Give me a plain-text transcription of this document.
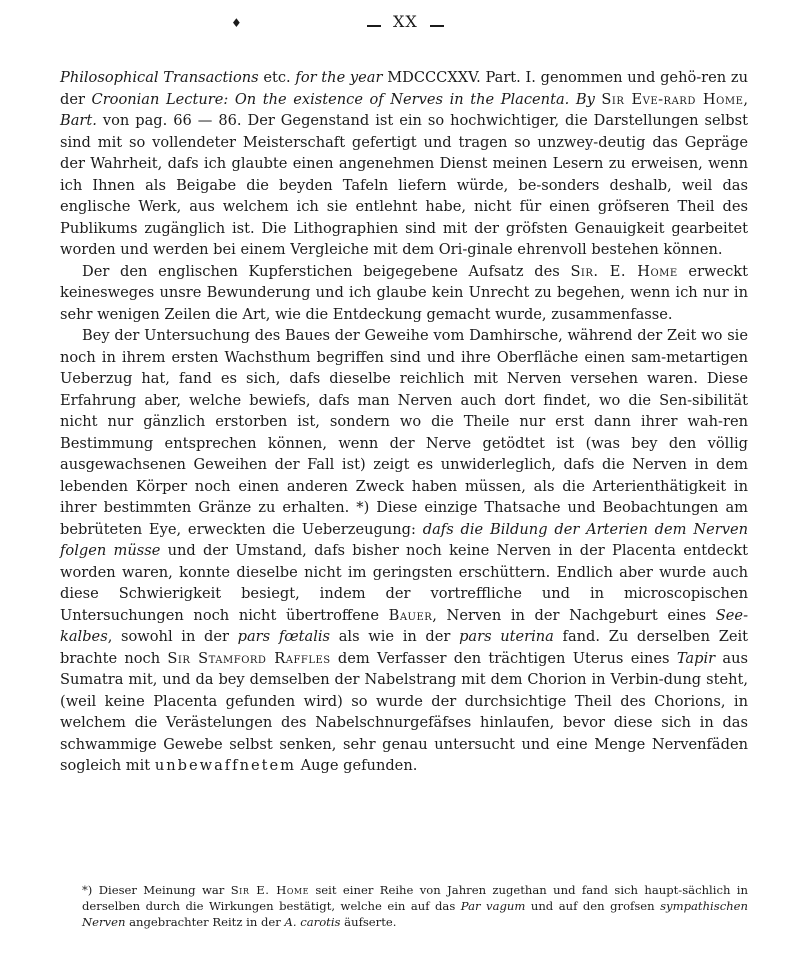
♦	XX

Philosophical Transactions etc. for the year MDCCCXXV. Part. I. genommen und gehö-ren zu der Croonian Lecture: On the existence of Nerves in the Placenta. By Sir Eve-rard Home, Bart. von pag. 66 — 86. Der Gegenstand ist ein so hochwichtiger, die Darstellungen selbst sind mit so vollendeter Meisterschaft gefertigt und tragen so unzwey-deutig das Gepräge der Wahrheit, dafs ich glaubte einen angenehmen Dienst meinen Lesern zu erweisen, wenn ich Ihnen als Beigabe die beyden Tafeln liefern würde, be-sonders deshalb, weil das englische Werk, aus welchem ich sie entlehnt habe, nicht für einen gröfseren Theil des Publikums zugänglich ist. Die Lithographien sind mit der gröfsten Genauigkeit gearbeitet worden und werden bei einem Vergleiche mit dem Ori-ginale ehrenvoll bestehen können.

Der den englischen Kupferstichen beigegebene Aufsatz des Sir. E. Home erweckt keinesweges unsre Bewunderung und ich glaube kein Unrecht zu begehen, wenn ich nur in sehr wenigen Zeilen die Art, wie die Entdeckung gemacht wurde, zusammenfasse.

Bey der Untersuchung des Baues der Geweihe vom Damhirsche, während der Zeit wo sie noch in ihrem ersten Wachsthum begriffen sind und ihre Oberfläche einen sam-metartigen Ueberzug hat, fand es sich, dafs dieselbe reichlich mit Nerven versehen waren. Diese Erfahrung aber, welche bewiefs, dafs man Nerven auch dort findet, wo die Sen-sibilität nicht nur gänzlich erstorben ist, sondern wo die Theile nur erst dann ihrer wah-ren Bestimmung entsprechen können, wenn der Nerve getödtet ist (was bey den völlig ausgewachsenen Geweihen der Fall ist) zeigt es unwiderleglich, dafs die Nerven in dem lebenden Körper noch einen anderen Zweck haben müssen, als die Arterienthätigkeit in ihrer bestimmten Gränze zu erhalten. *) Diese einzige Thatsache und Beobachtungen am bebrüteten Eye, erweckten die Ueberzeugung: dafs die Bildung der Arterien dem Nerven folgen müsse und der Umstand, dafs bisher noch keine Nerven in der Placenta entdeckt worden waren, konnte dieselbe nicht im geringsten erschüttern. Endlich aber wurde auch diese Schwierigkeit besiegt, indem der vortreffliche und in microscopischen Untersuchungen noch nicht übertroffene Bauer, Nerven in der Nachgeburt eines See-kalbes, sowohl in der pars fœtalis als wie in der pars uterina fand. Zu derselben Zeit brachte noch Sir Stamford Raffles dem Verfasser den trächtigen Uterus eines Tapir aus Sumatra mit, und da bey demselben der Nabelstrang mit dem Chorion in Verbin-dung steht, (weil keine Placenta gefunden wird) so wurde der durchsichtige Theil des Chorions, in welchem die Verästelungen des Nabelschnurgefäfses hinlaufen, bevor diese sich in das schwammige Gewebe selbst senken, sehr genau untersucht und eine Menge Nervenfäden sogleich mit unbewaffnetem Auge gefunden.

*) Dieser Meinung war Sir E. Home seit einer Reihe von Jahren zugethan und fand sich haupt-sächlich in derselben durch die Wirkungen bestätigt, welche ein auf das Par vagum und auf den grofsen sympathischen Nerven angebrachter Reitz in der A. carotis äufserte.
